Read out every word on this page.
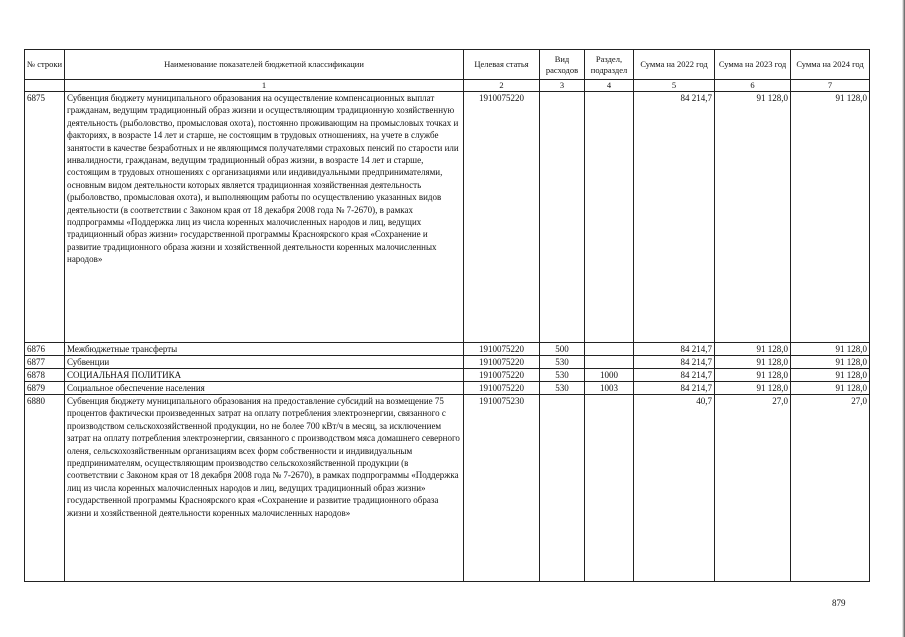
№ строки	Наименование показателей бюджетной классификации	Целевая статья	Вид расходов	Раздел, подраздел	Сумма на 2022 год	Сумма на 2023 год	Сумма на 2024 год
	1	2	3	4	5	6	7
6875	Субвенция бюджету муниципального образования на осуществление компенсационных выплат гражданам, ведущим традиционный образ жизни и осуществляющим традиционную хозяйственную деятельность (рыболовство, промысловая охота), постоянно проживающим на промысловых точках и факториях, в возрасте 14 лет и старше, не состоящим в трудовых отношениях, на учете в службе занятости в качестве безработных и не являющимся получателями страховых пенсий по старости или инвалидности, гражданам, ведущим традиционный образ жизни, в возрасте 14 лет и старше, состоящим в трудовых отношениях с организациями или индивидуальными предпринимателями, основным видом деятельности которых является традиционная хозяйственная деятельность (рыболовство, промысловая охота), и выполняющим работы по осуществлению указанных видов деятельности (в соответствии с Законом края от 18 декабря 2008 года № 7-2670), в рамках подпрограммы «Поддержка лиц из числа коренных малочисленных народов и лиц, ведущих традиционный образ жизни» государственной программы Красноярского края «Сохранение и развитие традиционного образа жизни и хозяйственной деятельности коренных малочисленных народов»	1910075220			84 214,7	91 128,0	91 128,0
6876	Межбюджетные трансферты	1910075220	500		84 214,7	91 128,0	91 128,0
6877	Субвенции	1910075220	530		84 214,7	91 128,0	91 128,0
6878	СОЦИАЛЬНАЯ ПОЛИТИКА	1910075220	530	1000	84 214,7	91 128,0	91 128,0
6879	Социальное обеспечение населения	1910075220	530	1003	84 214,7	91 128,0	91 128,0
6880	Субвенция бюджету муниципального образования на предоставление субсидий на возмещение 75 процентов фактически произведенных затрат на оплату потребления электроэнергии, связанного с производством сельскохозяйственной продукции, но не более 700 кВт/ч в месяц, за исключением затрат на оплату потребления электроэнергии, связанного с производством мяса домашнего северного оленя, сельскохозяйственным организациям всех форм собственности и индивидуальным предпринимателям, осуществляющим производство сельскохозяйственной продукции (в соответствии с Законом края от 18 декабря 2008 года № 7-2670), в рамках подпрограммы «Поддержка лиц из числа коренных малочисленных народов и лиц, ведущих традиционный образ жизни» государственной программы Красноярского края «Сохранение и развитие традиционного образа жизни и хозяйственной деятельности коренных малочисленных народов»	1910075230			40,7	27,0	27,0
879
